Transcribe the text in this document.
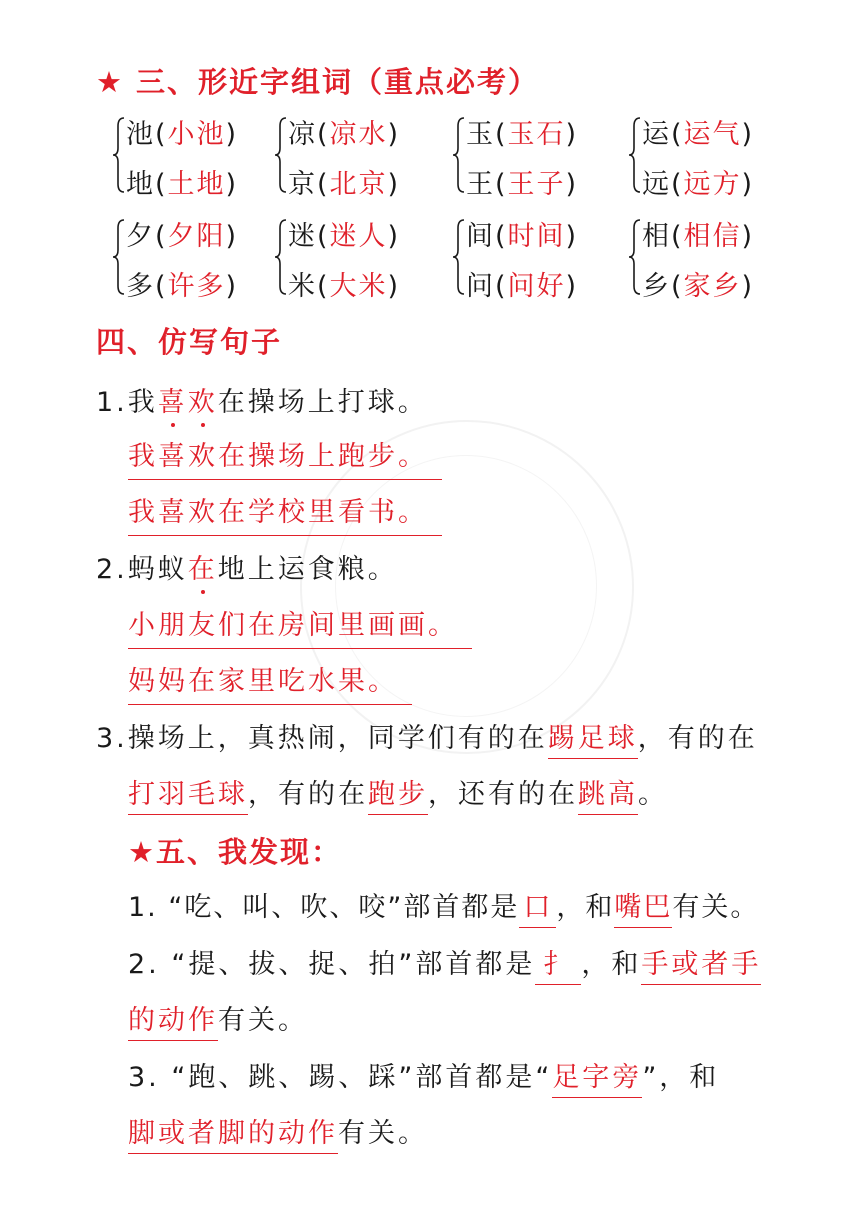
★ 三、形近字组词（重点必考）
池(小池)
地(土地)
凉(凉水)
京(北京)
玉(玉石)
王(王子)
运(运气)
远(远方)
夕(夕阳)
多(许多)
迷(迷人)
米(大米)
间(时间)
问(问好)
相(相信)
乡(家乡)
四、仿写句子
1.我喜欢在操场上打球。
我喜欢在操场上跑步。
我喜欢在学校里看书。
2.蚂蚁在地上运食粮。
小朋友们在房间里画画。
妈妈在家里吃水果。
3.操场上，真热闹，同学们有的在踢足球，有的在
打羽毛球，有的在跑步，还有的在跳高。
★五、我发现：
1. “吃、叫、吹、咬”部首都是 口 ，和嘴巴有关。
2. “提、拔、捉、拍”部首都是 扌 ，和手或者手
的动作有关。
3. “跑、跳、踢、踩”部首都是“足字旁”，和
脚或者脚的动作有关。
